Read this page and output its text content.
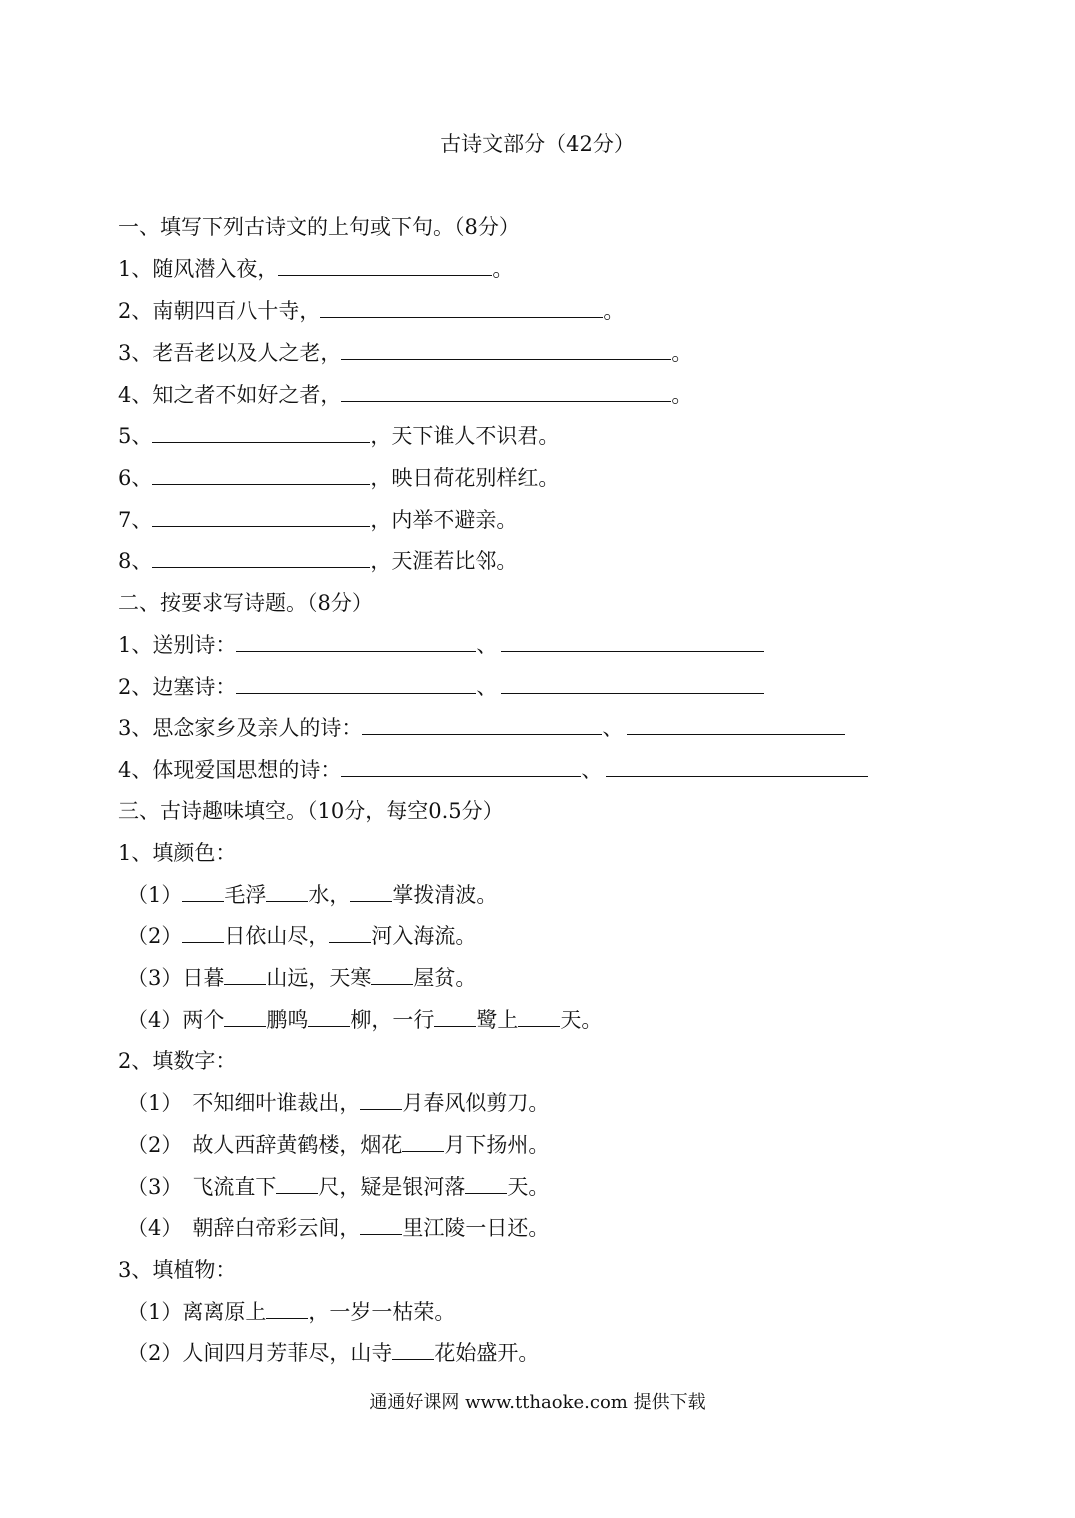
古诗文部分（42分）
一、填写下列古诗文的上句或下句。（8分）
1、随风潜入夜，	。
2、南朝四百八十寺，	。
3、老吾老以及人之老，	。
4、知之者不如好之者，	。
5、	，天下谁人不识君。
6、	，映日荷花别样红。
7、	，内举不避亲。
8、	，天涯若比邻。
二、按要求写诗题。（8分）
1、送别诗：	、
2、边塞诗：	、
3、思念家乡及亲人的诗：	、
4、体现爱国思想的诗：	、
三、古诗趣味填空。（10分，每空0.5分）
1、填颜色：
（1） 毛浮 水， 掌拨清波。
（2） 日依山尽， 河入海流。
（3）日暮 山远，天寒 屋贫。
（4）两个 鹏鸣 柳，一行 鹭上 天。
2、填数字：
（1） 不知细叶谁裁出， 月春风似剪刀。
（2） 故人西辞黄鹤楼，烟花 月下扬州。
（3） 飞流直下 尺，疑是银河落 天。
（4） 朝辞白帝彩云间， 里江陵一日还。
3、填植物：
（1）离离原上 ，一岁一枯荣。
（2）人间四月芳菲尽，山寺 花始盛开。
通通好课网 www.tthaoke.com 提供下载
